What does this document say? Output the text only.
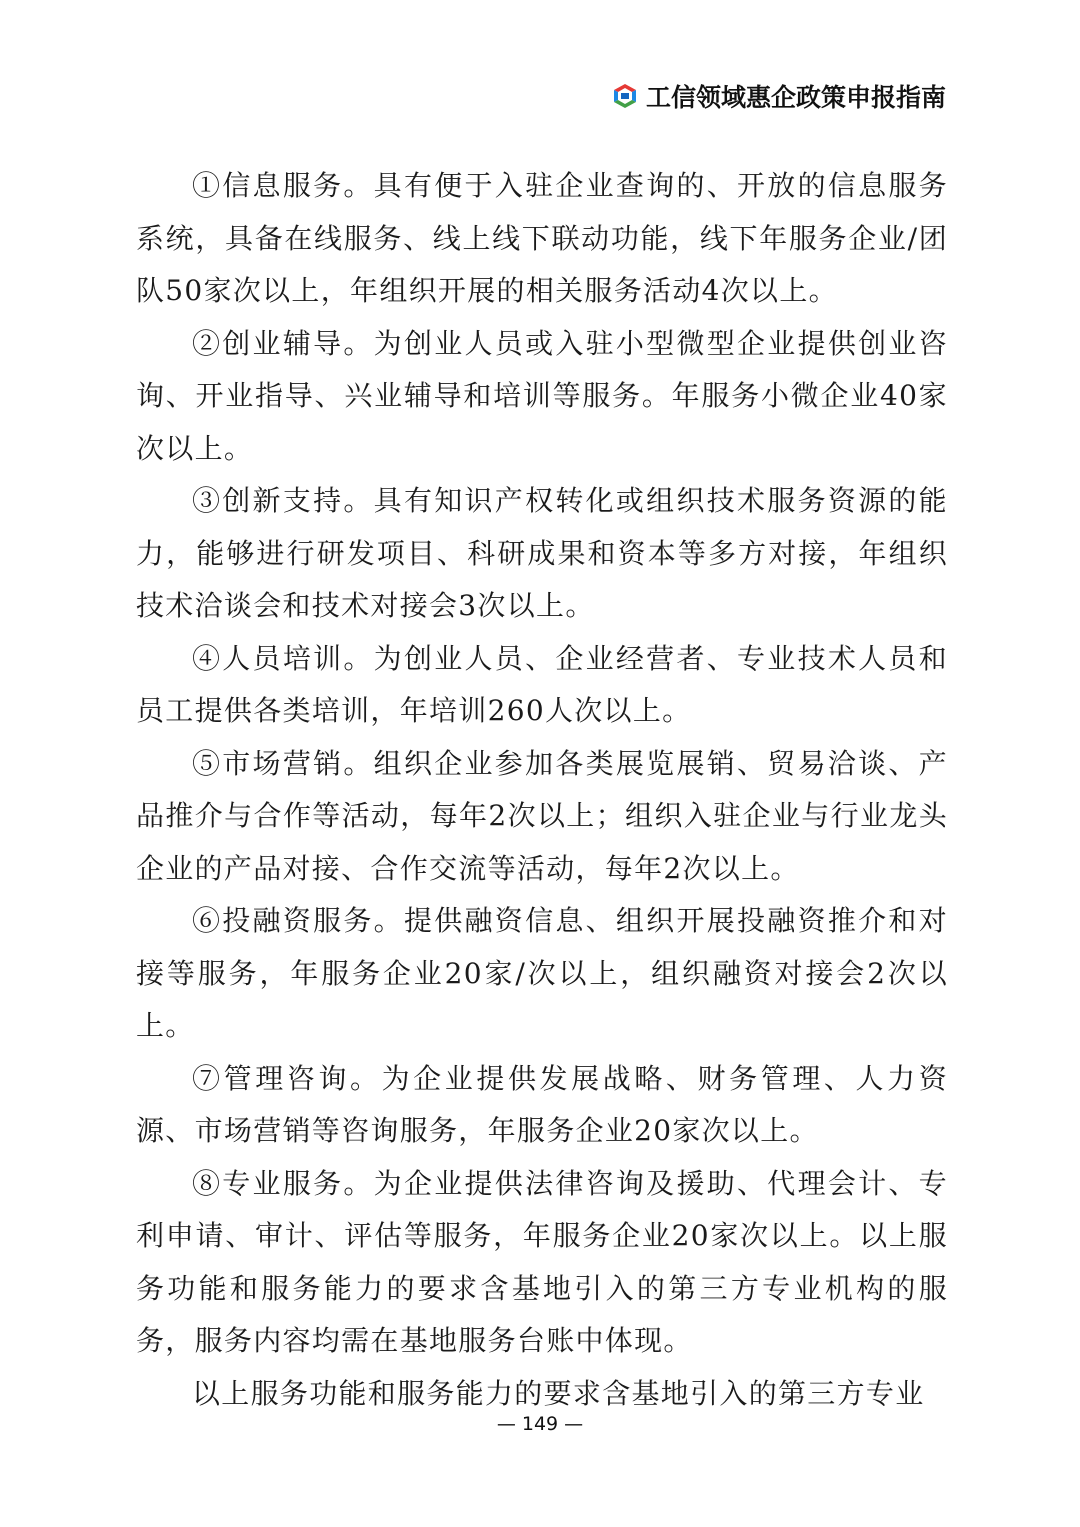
工信领域惠企政策申报指南

①信息服务。具有便于入驻企业查询的、开放的信息服务系统，具备在线服务、线上线下联动功能，线下年服务企业/团队50家次以上，年组织开展的相关服务活动4次以上。

②创业辅导。为创业人员或入驻小型微型企业提供创业咨询、开业指导、兴业辅导和培训等服务。年服务小微企业40家次以上。

③创新支持。具有知识产权转化或组织技术服务资源的能力，能够进行研发项目、科研成果和资本等多方对接，年组织技术洽谈会和技术对接会3次以上。

④人员培训。为创业人员、企业经营者、专业技术人员和员工提供各类培训，年培训260人次以上。

⑤市场营销。组织企业参加各类展览展销、贸易洽谈、产品推介与合作等活动，每年2次以上；组织入驻企业与行业龙头企业的产品对接、合作交流等活动，每年2次以上。

⑥投融资服务。提供融资信息、组织开展投融资推介和对接等服务，年服务企业20家/次以上，组织融资对接会2次以上。

⑦管理咨询。为企业提供发展战略、财务管理、人力资源、市场营销等咨询服务，年服务企业20家次以上。

⑧专业服务。为企业提供法律咨询及援助、代理会计、专利申请、审计、评估等服务，年服务企业20家次以上。以上服务功能和服务能力的要求含基地引入的第三方专业机构的服务，服务内容均需在基地服务台账中体现。

以上服务功能和服务能力的要求含基地引入的第三方专业

— 149 —
